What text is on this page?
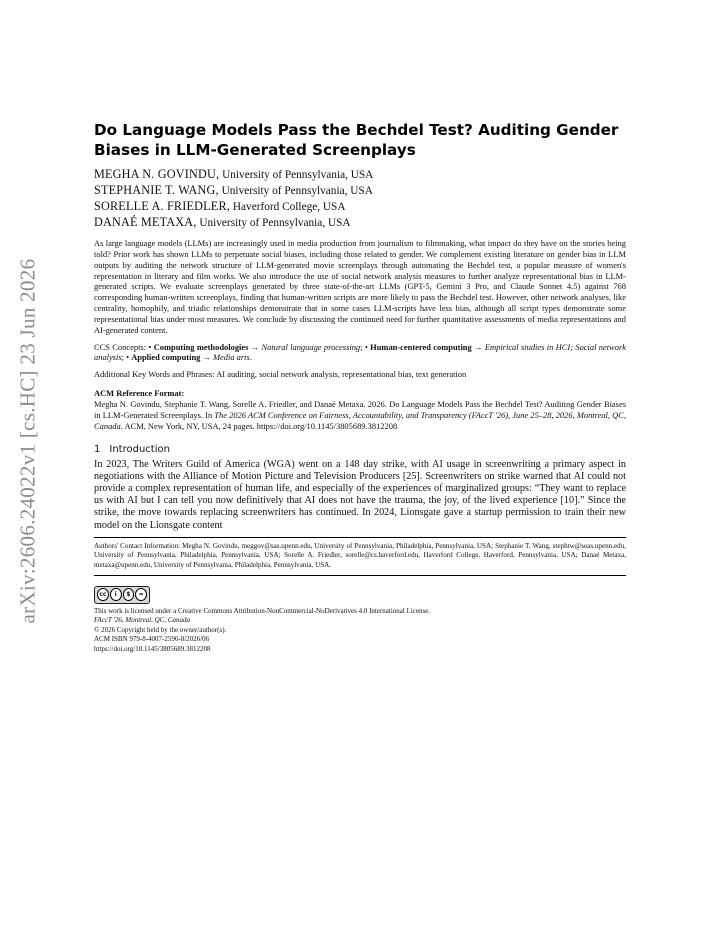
arXiv:2606.24022v1 [cs.HC] 23 Jun 2026
Do Language Models Pass the Bechdel Test? Auditing Gender Biases in LLM-Generated Screenplays
MEGHA N. GOVINDU, University of Pennsylvania, USA
STEPHANIE T. WANG, University of Pennsylvania, USA
SORELLE A. FRIEDLER, Haverford College, USA
DANAÉ METAXA, University of Pennsylvania, USA
As large language models (LLMs) are increasingly used in media production from journalism to filmmaking, what impact do they have on the stories being told? Prior work has shown LLMs to perpetuate social biases, including those related to gender. We complement existing literature on gender bias in LLM outputs by auditing the network structure of LLM-generated movie screenplays through automating the Bechdel test, a popular measure of women's representation in literary and film works. We also introduce the use of social network analysis measures to further analyze representational bias in LLM-generated scripts. We evaluate screenplays generated by three state-of-the-art LLMs (GPT-5, Gemini 3 Pro, and Claude Sonnet 4.5) against 768 corresponding human-written screenplays, finding that human-written scripts are more likely to pass the Bechdel test. However, other network analyses, like centrality, homophily, and triadic relationships demonstrate that in some cases LLM-scripts have less bias, although all script types demonstrate some representational bias under most measures. We conclude by discussing the continued need for further quantitative assessments of media representations and AI-generated content.
CCS Concepts: • Computing methodologies → Natural language processing; • Human-centered computing → Empirical studies in HCI; Social network analysis; • Applied computing → Media arts.
Additional Key Words and Phrases: AI auditing, social network analysis, representational bias, text generation
ACM Reference Format:
Megha N. Govindu, Stephanie T. Wang, Sorelle A. Friedler, and Danaé Metaxa. 2026. Do Language Models Pass the Bechdel Test? Auditing Gender Biases in LLM-Generated Screenplays. In The 2026 ACM Conference on Fairness, Accountability, and Transparency (FAccT '26), June 25–28, 2026, Montreal, QC, Canada. ACM, New York, NY, USA, 24 pages. https://doi.org/10.1145/3805689.3812208
1 Introduction
In 2023, The Writers Guild of America (WGA) went on a 148 day strike, with AI usage in screenwriting a primary aspect in negotiations with the Alliance of Motion Picture and Television Producers [25]. Screenwriters on strike warned that AI could not provide a complex representation of human life, and especially of the experiences of marginalized groups: “They want to replace us with AI but I can tell you now definitively that AI does not have the trauma, the joy, of the lived experience [10].” Since the strike, the move towards replacing screenwriters has continued. In 2024, Lionsgate gave a startup permission to train their new model on the Lionsgate content
Authors' Contact Information: Megha N. Govindu, meggov@sas.upenn.edu, University of Pennsylvania, Philadelphia, Pennsylvania, USA; Stephanie T. Wang, stephtw@seas.upenn.edu, University of Pennsylvania, Philadelphia, Pennsylvania, USA; Sorelle A. Friedler, sorelle@cs.haverford.edu, Haverford College, Haverford, Pennsylvania, USA; Danaé Metaxa, metaxa@upenn.edu, University of Pennsylvania, Philadelphia, Pennsylvania, USA.
cc	i	$	=
This work is licensed under a Creative Commons Attribution-NonCommercial-NoDerivatives 4.0 International License.
FAccT '26, Montreal, QC, Canada
© 2026 Copyright held by the owner/author(s).
ACM ISBN 979-8-4007-2596-8/2026/06
https://doi.org/10.1145/3805689.3812208
